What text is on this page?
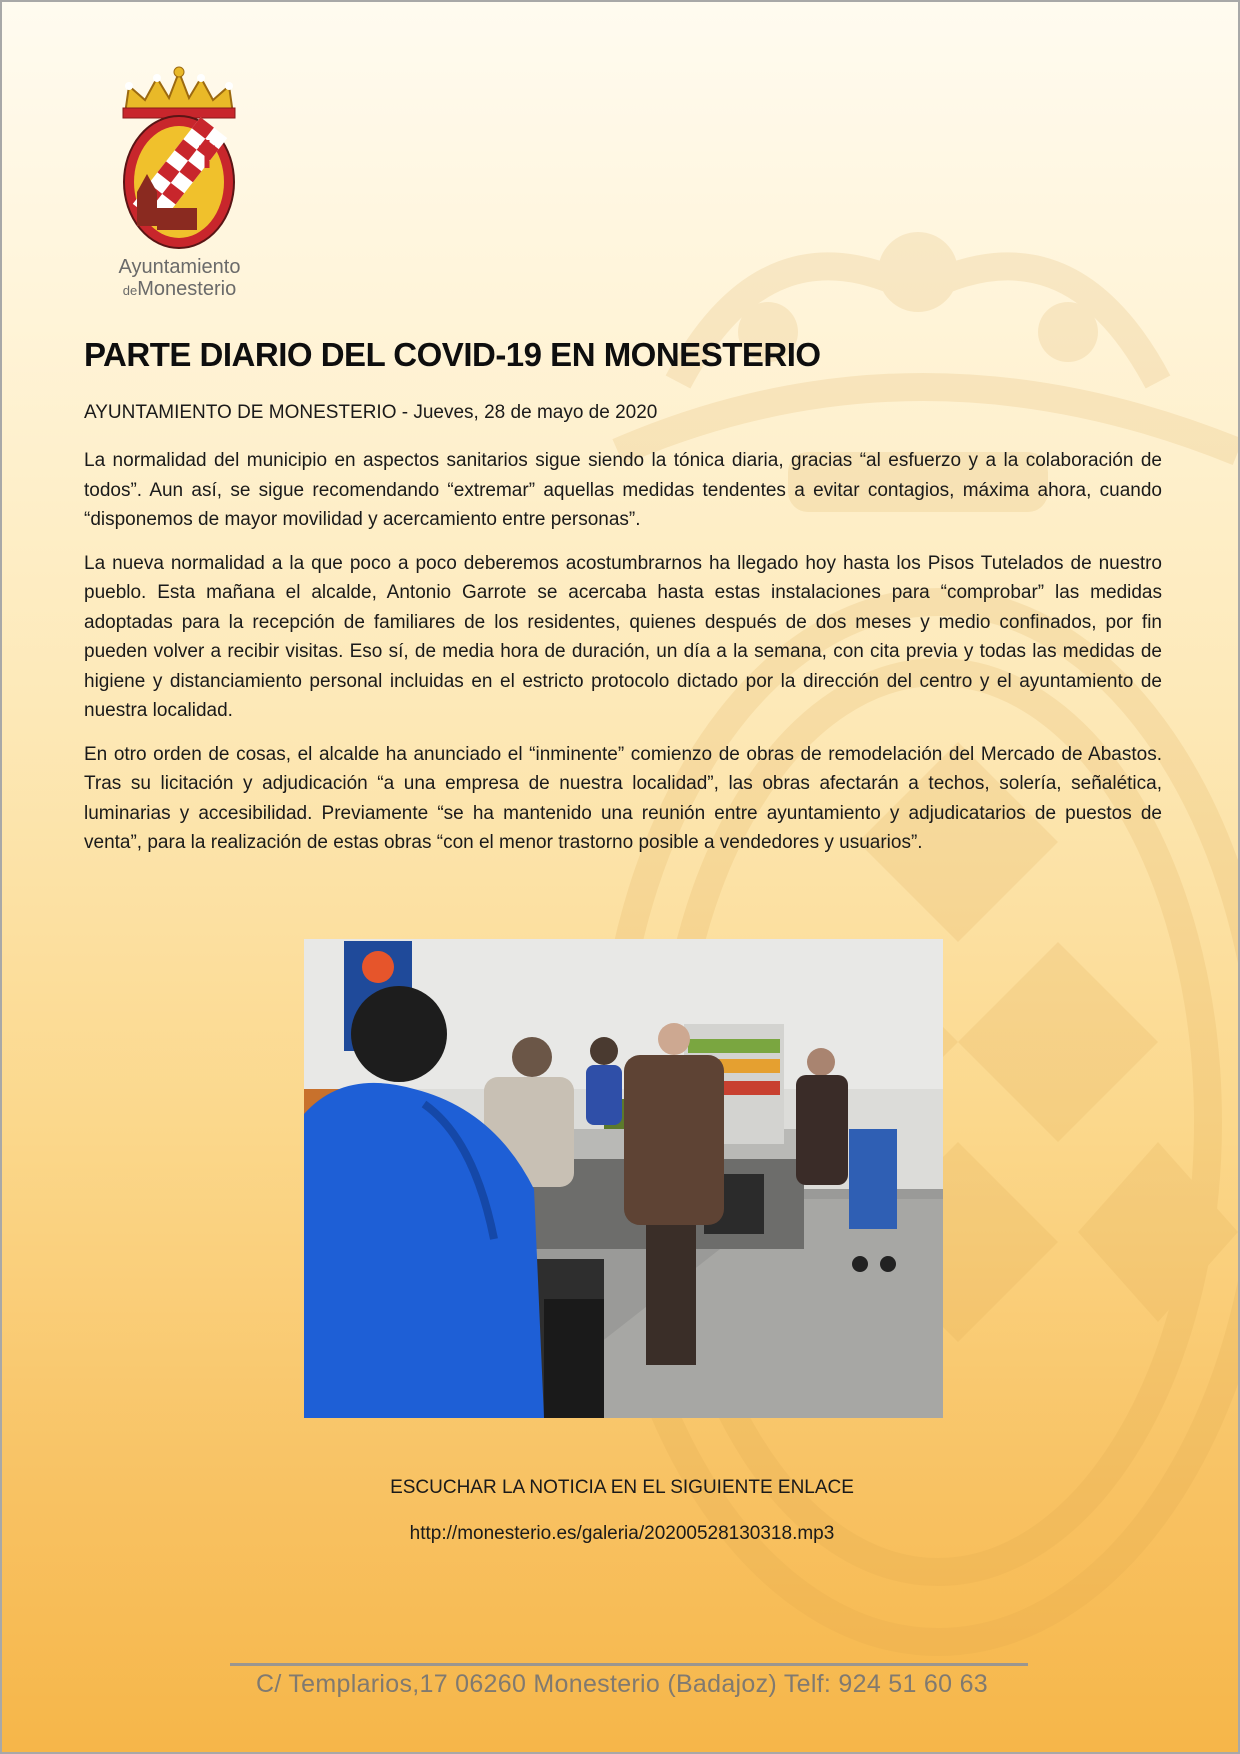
Ayuntamiento
deMonesterio
PARTE DIARIO DEL COVID-19 EN MONESTERIO
AYUNTAMIENTO DE MONESTERIO - Jueves, 28 de mayo de 2020

La normalidad del municipio en aspectos sanitarios sigue siendo la tónica diaria, gracias “al esfuerzo y a la colaboración de todos”. Aun así, se sigue recomendando “extremar” aquellas medidas tendentes a evitar contagios, máxima ahora, cuando “disponemos de mayor movilidad y acercamiento entre personas”.

La nueva normalidad a la que poco a poco deberemos acostumbrarnos ha llegado hoy hasta los Pisos Tutelados de nuestro pueblo. Esta mañana el alcalde, Antonio Garrote se acercaba hasta estas instalaciones para “comprobar” las medidas adoptadas para la recepción de familiares de los residentes, quienes después de dos meses y medio confinados, por fin pueden volver a recibir visitas. Eso sí, de media hora de duración, un día a la semana, con cita previa y todas las medidas de higiene y distanciamiento personal incluidas en el estricto protocolo dictado por la dirección del centro y el ayuntamiento de nuestra localidad.

En otro orden de cosas, el alcalde ha anunciado el “inminente” comienzo de obras de remodelación del Mercado de Abastos. Tras su licitación y adjudicación “a una empresa de nuestra localidad”, las obras afectarán a techos, solería, señalética, luminarias y accesibilidad. Previamente “se ha mantenido una reunión entre ayuntamiento y adjudicatarios de puestos de venta”, para la realización de estas obras “con el menor trastorno posible a vendedores y usuarios”.

ESCUCHAR LA NOTICIA EN EL SIGUIENTE ENLACE
http://monesterio.es/galeria/20200528130318.mp3
C/ Templarios,17 06260 Monesterio (Badajoz) Telf: 924 51 60 63
